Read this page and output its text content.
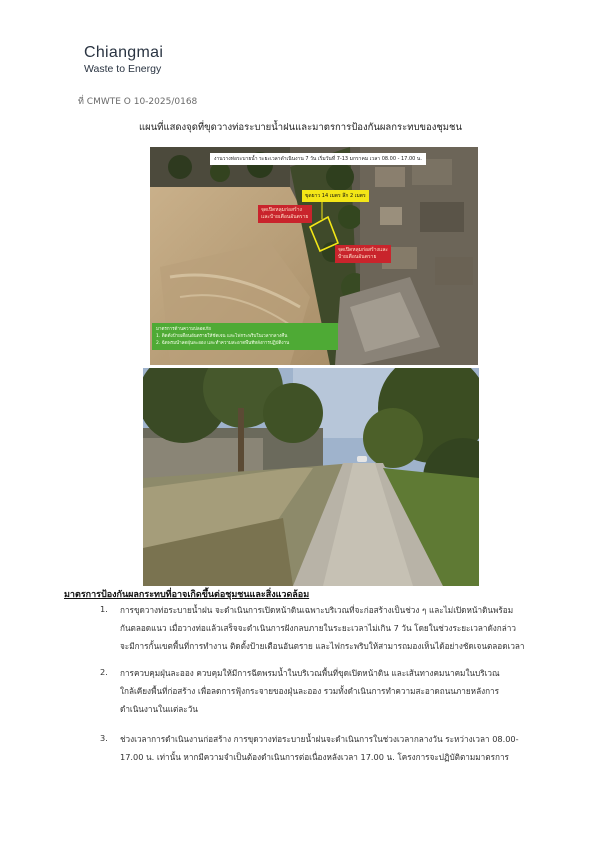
Chiangmai
Waste to Energy
ที่ CMWTE O 10-2025/0168
แผนที่แสดงจุดที่ขุดวางท่อระบายน้ำฝนและมาตรการป้องกันผลกระทบของชุมชน
งานวางท่อระบายน้ำ ระยะเวลาดำเนินงาน 7 วัน เริ่มวันที่ 7-13 มกราคม เวลา 08.00 - 17.00 น.
ขุดยาว 14 เมตร ลึก 2 เมตร
จุดเปิดหลุมก่อสร้างและป้ายเตือนอันตราย
จุดเปิดหลุมก่อสร้างและป้ายเตือนอันตราย
มาตรการด้านความปลอดภัย
1. ติดตั้งป้ายเตือนอันตรายให้ชัดเจน และไฟกระพริบในเวลากลางคืน
2. ฉีดพรมน้ำลดฝุ่นละออง และทำความสะอาดพื้นที่หลังการปฏิบัติงาน
มาตรการป้องกันผลกระทบที่อาจเกิดขึ้นต่อชุมชนและสิ่งแวดล้อม
1. การขุดวางท่อระบายน้ำฝน จะดำเนินการเปิดหน้าดินเฉพาะบริเวณที่จะก่อสร้างเป็นช่วง ๆ และไม่เปิดหน้าดินพร้อม
กันตลอดแนว เมื่อวางท่อแล้วเสร็จจะดำเนินการฝังกลบภายในระยะเวลาไม่เกิน 7 วัน โดยในช่วงระยะเวลาดังกล่าว
จะมีการกั้นเขตพื้นที่การทำงาน ติดตั้งป้ายเตือนอันตราย และไฟกระพริบให้สามารถมองเห็นได้อย่างชัดเจนตลอดเวลา
2. การควบคุมฝุ่นละออง ควบคุมให้มีการฉีดพรมน้ำในบริเวณพื้นที่ขุดเปิดหน้าดิน และเส้นทางคมนาคมในบริเวณ
ใกล้เคียงพื้นที่ก่อสร้าง เพื่อลดการฟุ้งกระจายของฝุ่นละออง รวมทั้งดำเนินการทำความสะอาดถนนภายหลังการ
ดำเนินงานในแต่ละวัน
3. ช่วงเวลาการดำเนินงานก่อสร้าง การขุดวางท่อระบายน้ำฝนจะดำเนินการในช่วงเวลากลางวัน ระหว่างเวลา 08.00-
17.00 น. เท่านั้น หากมีความจำเป็นต้องดำเนินการต่อเนื่องหลังเวลา 17.00 น. โครงการจะปฏิบัติตามมาตรการ
